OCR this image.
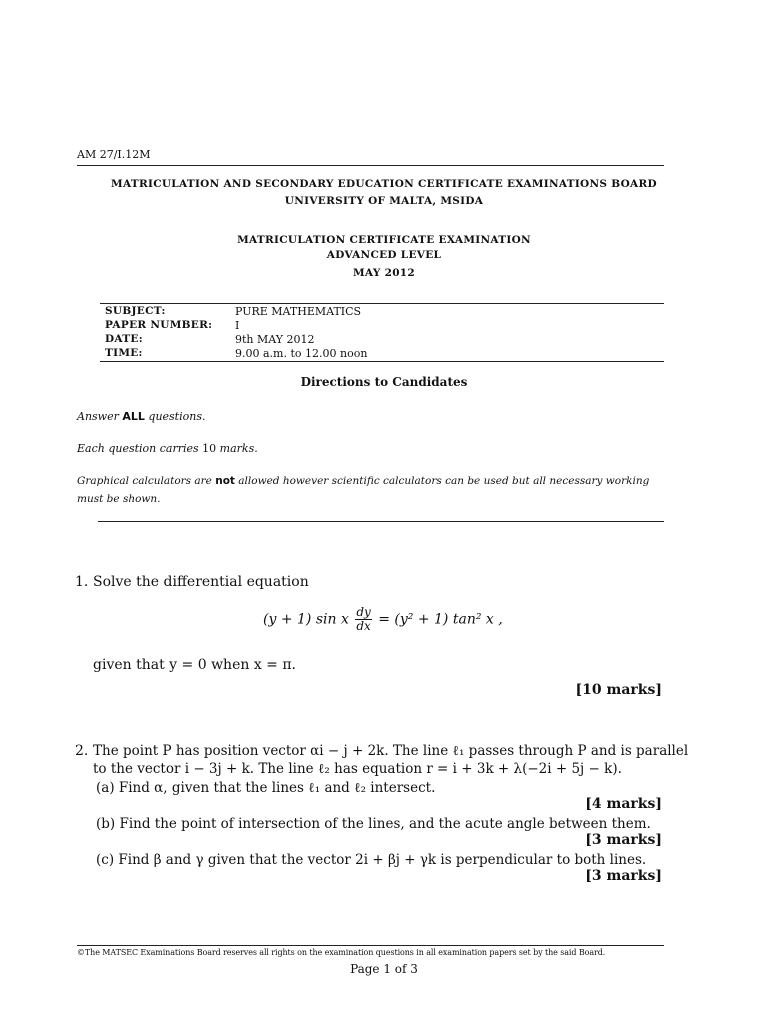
AM 27/I.12M
MATRICULATION AND SECONDARY EDUCATION CERTIFICATE EXAMINATIONS BOARD
UNIVERSITY OF MALTA, MSIDA
MATRICULATION CERTIFICATE EXAMINATION
ADVANCED LEVEL
MAY 2012
SUBJECT:	PURE MATHEMATICS
PAPER NUMBER: I
DATE:	9th MAY 2012
TIME:	9.00 a.m. to 12.00 noon
Directions to Candidates
Answer ALL questions.
Each question carries 10 marks.
Graphical calculators are not allowed however scientific calculators can be used but all necessary working
must be shown.
1. Solve the differential equation
(y + 1) sin x $\frac{dy}{dx} = (y^2 + 1)$ tan² x ,
given that y = 0 when x = π.
[10 marks]
2. The point P has position vector αi − j + 2k. The line ℓ₁ passes through P and is parallel
to the vector i − 3j + k. The line ℓ₂ has equation r = i + 3k + λ(−2i + 5j − k).
(a) Find α, given that the lines ℓ₁ and ℓ₂ intersect.
[4 marks]
(b) Find the point of intersection of the lines, and the acute angle between them.
[3 marks]
(c) Find β and γ given that the vector 2i + βj + γk is perpendicular to both lines.
[3 marks]
©The MATSEC Examinations Board reserves all rights on the examination questions in all examination papers set by the said Board.
Page 1 of 3
